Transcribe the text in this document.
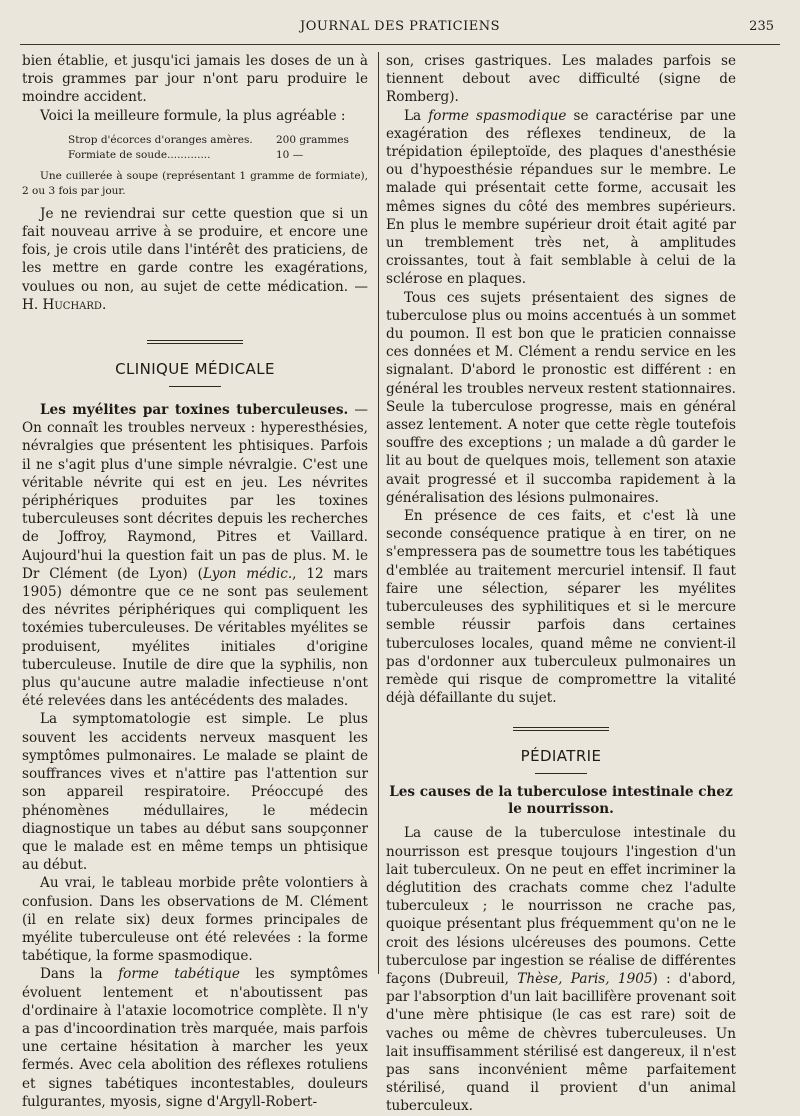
JOURNAL DES PRATICIENS	235

bien établie, et jusqu'ici jamais les doses de un à trois grammes par jour n'ont paru produire le moindre accident.

Voici la meilleure formule, la plus agréable :

Strop d'écorces d'oranges amères.	200 grammes
Formiate de soude.............	10 —

Une cuillerée à soupe (représentant 1 gramme de formiate), 2 ou 3 fois par jour.

Je ne reviendrai sur cette question que si un fait nouveau arrive à se produire, et encore une fois, je crois utile dans l'intérêt des praticiens, de les mettre en garde contre les exagérations, voulues ou non, au sujet de cette médication. — H. Huchard.

CLINIQUE MÉDICALE

Les myélites par toxines tuberculeuses. — On connaît les troubles nerveux : hyperesthésies, névralgies que présentent les phtisiques. Parfois il ne s'agit plus d'une simple névralgie. C'est une véritable névrite qui est en jeu. Les névrites périphériques produites par les toxines tuberculeuses sont décrites depuis les recherches de Joffroy, Raymond, Pitres et Vaillard. Aujourd'hui la question fait un pas de plus. M. le Dr Clément (de Lyon) (Lyon médic., 12 mars 1905) démontre que ce ne sont pas seulement des névrites périphériques qui compliquent les toxémies tuberculeuses. De véritables myélites se produisent, myélites initiales d'origine tuberculeuse. Inutile de dire que la syphilis, non plus qu'aucune autre maladie infectieuse n'ont été relevées dans les antécédents des malades.

La symptomatologie est simple. Le plus souvent les accidents nerveux masquent les symptômes pulmonaires. Le malade se plaint de souffrances vives et n'attire pas l'attention sur son appareil respiratoire. Préoccupé des phénomènes médullaires, le médecin diagnostique un tabes au début sans soupçonner que le malade est en même temps un phtisique au début.

Au vrai, le tableau morbide prête volontiers à confusion. Dans les observations de M. Clément (il en relate six) deux formes principales de myélite tuberculeuse ont été relevées : la forme tabétique, la forme spasmodique.

Dans la forme tabétique les symptômes évoluent lentement et n'aboutissent pas d'ordinaire à l'ataxie locomotrice complète. Il n'y a pas d'incoordination très marquée, mais parfois une certaine hésitation à marcher les yeux fermés. Avec cela abolition des réflexes rotuliens et signes tabétiques incontestables, douleurs fulgurantes, myosis, signe d'Argyll-Robert-

son, crises gastriques. Les malades parfois se tiennent debout avec difficulté (signe de Romberg).

La forme spasmodique se caractérise par une exagération des réflexes tendineux, de la trépidation épileptoïde, des plaques d'anesthésie ou d'hypoesthésie répandues sur le membre. Le malade qui présentait cette forme, accusait les mêmes signes du côté des membres supérieurs. En plus le membre supérieur droit était agité par un tremblement très net, à amplitudes croissantes, tout à fait semblable à celui de la sclérose en plaques.

Tous ces sujets présentaient des signes de tuberculose plus ou moins accentués à un sommet du poumon. Il est bon que le praticien connaisse ces données et M. Clément a rendu service en les signalant. D'abord le pronostic est différent : en général les troubles nerveux restent stationnaires. Seule la tuberculose progresse, mais en général assez lentement. A noter que cette règle toutefois souffre des exceptions ; un malade a dû garder le lit au bout de quelques mois, tellement son ataxie avait progressé et il succomba rapidement à la généralisation des lésions pulmonaires.

En présence de ces faits, et c'est là une seconde conséquence pratique à en tirer, on ne s'empressera pas de soumettre tous les tabétiques d'emblée au traitement mercuriel intensif. Il faut faire une sélection, séparer les myélites tuberculeuses des syphilitiques et si le mercure semble réussir parfois dans certaines tuberculoses locales, quand même ne convient-il pas d'ordonner aux tuberculeux pulmonaires un remède qui risque de compromettre la vitalité déjà défaillante du sujet.

PÉDIATRIE
Les causes de la tuberculose intestinale chez le nourrisson.

La cause de la tuberculose intestinale du nourrisson est presque toujours l'ingestion d'un lait tuberculeux. On ne peut en effet incriminer la déglutition des crachats comme chez l'adulte tuberculeux ; le nourrisson ne crache pas, quoique présentant plus fréquemment qu'on ne le croit des lésions ulcéreuses des poumons. Cette tuberculose par ingestion se réalise de différentes façons (Dubreuil, Thèse, Paris, 1905) : d'abord, par l'absorption d'un lait bacillifère provenant soit d'une mère phtisique (le cas est rare) soit de vaches ou même de chèvres tuberculeuses. Un lait insuffisamment stérilisé est dangereux, il n'est pas sans inconvénient même parfaitement stérilisé, quand il provient d'un animal tuberculeux.
